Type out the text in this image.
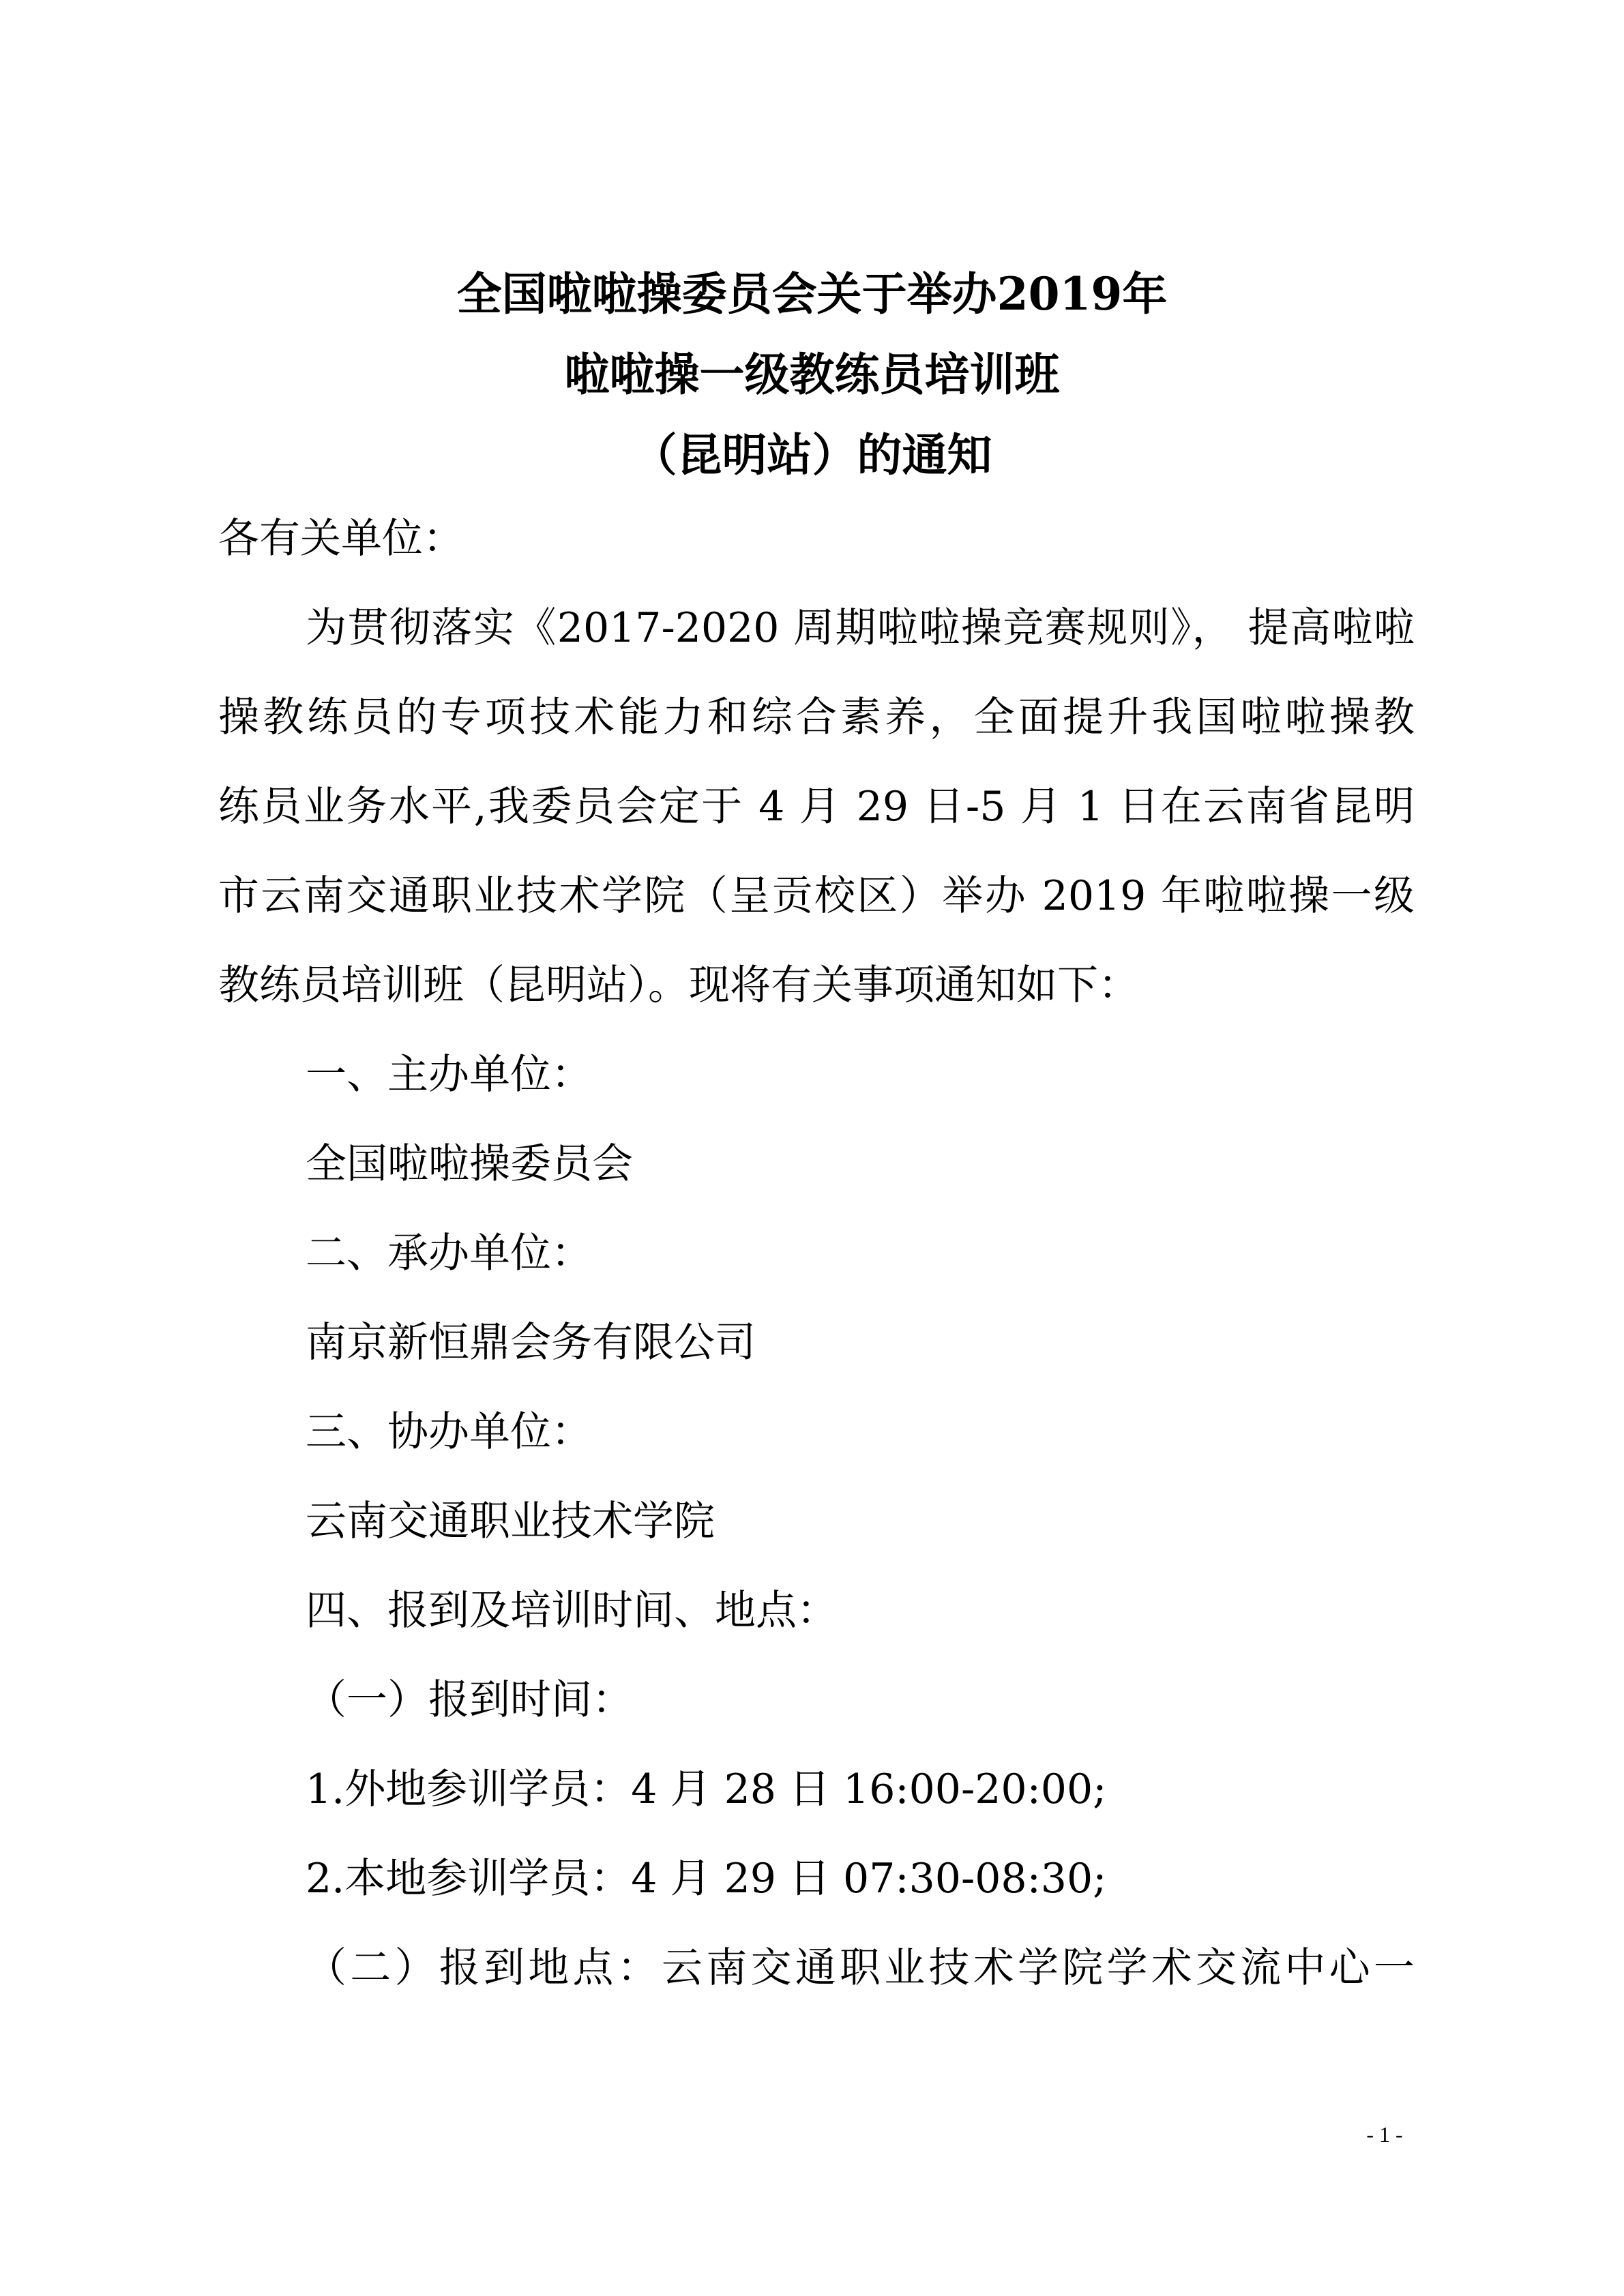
全国啦啦操委员会关于举办2019年
啦啦操一级教练员培训班
（昆明站）的通知
各有关单位：
为贯彻落实《2017-2020 周期啦啦操竞赛规则》， 提高啦啦
操教练员的专项技术能力和综合素养，全面提升我国啦啦操教
练员业务水平,我委员会定于 4 月 29 日-5 月 1 日在云南省昆明
市云南交通职业技术学院（呈贡校区）举办 2019 年啦啦操一级
教练员培训班（昆明站）。现将有关事项通知如下：
一、主办单位：
全国啦啦操委员会
二、承办单位：
南京新恒鼎会务有限公司
三、协办单位：
云南交通职业技术学院
四、报到及培训时间、地点：
（一）报到时间：
1.外地参训学员：4 月 28 日 16:00-20:00;
2.本地参训学员：4 月 29 日 07:30-08:30;
（二）报到地点：云南交通职业技术学院学术交流中心一
- 1 -
